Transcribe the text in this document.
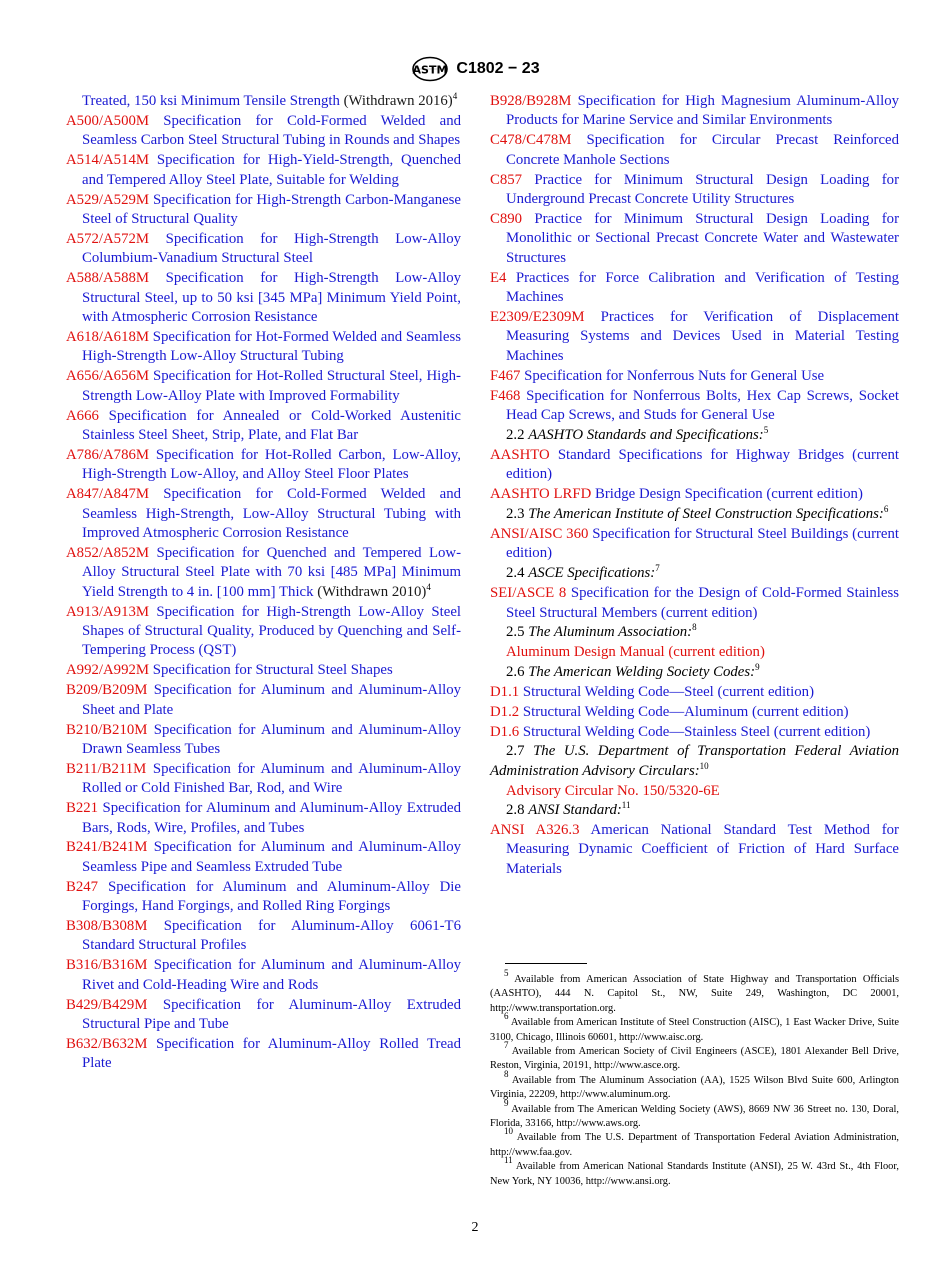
ASTM C1802 − 23

Treated, 150 ksi Minimum Tensile Strength (Withdrawn 2016)$^4$

A500/A500M Specification for Cold-Formed Welded and Seamless Carbon Steel Structural Tubing in Rounds and Shapes

A514/A514M Specification for High-Yield-Strength, Quenched and Tempered Alloy Steel Plate, Suitable for Welding

A529/A529M Specification for High-Strength Carbon-Manganese Steel of Structural Quality

A572/A572M Specification for High-Strength Low-Alloy Columbium-Vanadium Structural Steel

A588/A588M Specification for High-Strength Low-Alloy Structural Steel, up to 50 ksi [345 MPa] Minimum Yield Point, with Atmospheric Corrosion Resistance

A618/A618M Specification for Hot-Formed Welded and Seamless High-Strength Low-Alloy Structural Tubing

A656/A656M Specification for Hot-Rolled Structural Steel, High-Strength Low-Alloy Plate with Improved Formability

A666 Specification for Annealed or Cold-Worked Austenitic Stainless Steel Sheet, Strip, Plate, and Flat Bar

A786/A786M Specification for Hot-Rolled Carbon, Low-Alloy, High-Strength Low-Alloy, and Alloy Steel Floor Plates

A847/A847M Specification for Cold-Formed Welded and Seamless High-Strength, Low-Alloy Structural Tubing with Improved Atmospheric Corrosion Resistance

A852/A852M Specification for Quenched and Tempered Low-Alloy Structural Steel Plate with 70 ksi [485 MPa] Minimum Yield Strength to 4 in. [100 mm] Thick (Withdrawn 2010)$^4$

A913/A913M Specification for High-Strength Low-Alloy Steel Shapes of Structural Quality, Produced by Quenching and Self-Tempering Process (QST)

A992/A992M Specification for Structural Steel Shapes

B209/B209M Specification for Aluminum and Aluminum-Alloy Sheet and Plate

B210/B210M Specification for Aluminum and Aluminum-Alloy Drawn Seamless Tubes

B211/B211M Specification for Aluminum and Aluminum-Alloy Rolled or Cold Finished Bar, Rod, and Wire

B221 Specification for Aluminum and Aluminum-Alloy Extruded Bars, Rods, Wire, Profiles, and Tubes

B241/B241M Specification for Aluminum and Aluminum-Alloy Seamless Pipe and Seamless Extruded Tube

B247 Specification for Aluminum and Aluminum-Alloy Die Forgings, Hand Forgings, and Rolled Ring Forgings

B308/B308M Specification for Aluminum-Alloy 6061-T6 Standard Structural Profiles

B316/B316M Specification for Aluminum and Aluminum-Alloy Rivet and Cold-Heading Wire and Rods

B429/B429M Specification for Aluminum-Alloy Extruded Structural Pipe and Tube

B632/B632M Specification for Aluminum-Alloy Rolled Tread Plate

B928/B928M Specification for High Magnesium Aluminum-Alloy Products for Marine Service and Similar Environments

C478/C478M Specification for Circular Precast Reinforced Concrete Manhole Sections

C857 Practice for Minimum Structural Design Loading for Underground Precast Concrete Utility Structures

C890 Practice for Minimum Structural Design Loading for Monolithic or Sectional Precast Concrete Water and Wastewater Structures

E4 Practices for Force Calibration and Verification of Testing Machines

E2309/E2309M Practices for Verification of Displacement Measuring Systems and Devices Used in Material Testing Machines

F467 Specification for Nonferrous Nuts for General Use

F468 Specification for Nonferrous Bolts, Hex Cap Screws, Socket Head Cap Screws, and Studs for General Use

2.2 AASHTO Standards and Specifications:$^5$

AASHTO Standard Specifications for Highway Bridges (current edition)

AASHTO LRFD Bridge Design Specification (current edition)

2.3 The American Institute of Steel Construction Specifications:$^6$

ANSI/AISC 360 Specification for Structural Steel Buildings (current edition)

2.4 ASCE Specifications:$^7$

SEI/ASCE 8 Specification for the Design of Cold-Formed Stainless Steel Structural Members (current edition)

2.5 The Aluminum Association:$^8$

Aluminum Design Manual (current edition)

2.6 The American Welding Society Codes:$^9$

D1.1 Structural Welding Code—Steel (current edition)

D1.2 Structural Welding Code—Aluminum (current edition)

D1.6 Structural Welding Code—Stainless Steel (current edition)

2.7 The U.S. Department of Transportation Federal Aviation Administration Advisory Circulars:$^{10}$

Advisory Circular No. 150/5320-6E

2.8 ANSI Standard:$^{11}$

ANSI A326.3 American National Standard Test Method for Measuring Dynamic Coefficient of Friction of Hard Surface Materials

$^5$ Available from American Association of State Highway and Transportation Officials (AASHTO), 444 N. Capitol St., NW, Suite 249, Washington, DC 20001, http://www.transportation.org.

$^6$ Available from American Institute of Steel Construction (AISC), 1 East Wacker Drive, Suite 3100, Chicago, Illinois 60601, http://www.aisc.org.

$^7$ Available from American Society of Civil Engineers (ASCE), 1801 Alexander Bell Drive, Reston, Virginia, 20191, http://www.asce.org.

$^8$ Available from The Aluminum Association (AA), 1525 Wilson Blvd Suite 600, Arlington Virginia, 22209, http://www.aluminum.org.

$^9$ Available from The American Welding Society (AWS), 8669 NW 36 Street no. 130, Doral, Florida, 33166, http://www.aws.org.

$^{10}$ Available from The U.S. Department of Transportation Federal Aviation Administration, http://www.faa.gov.

$^{11}$ Available from American National Standards Institute (ANSI), 25 W. 43rd St., 4th Floor, New York, NY 10036, http://www.ansi.org.

2
